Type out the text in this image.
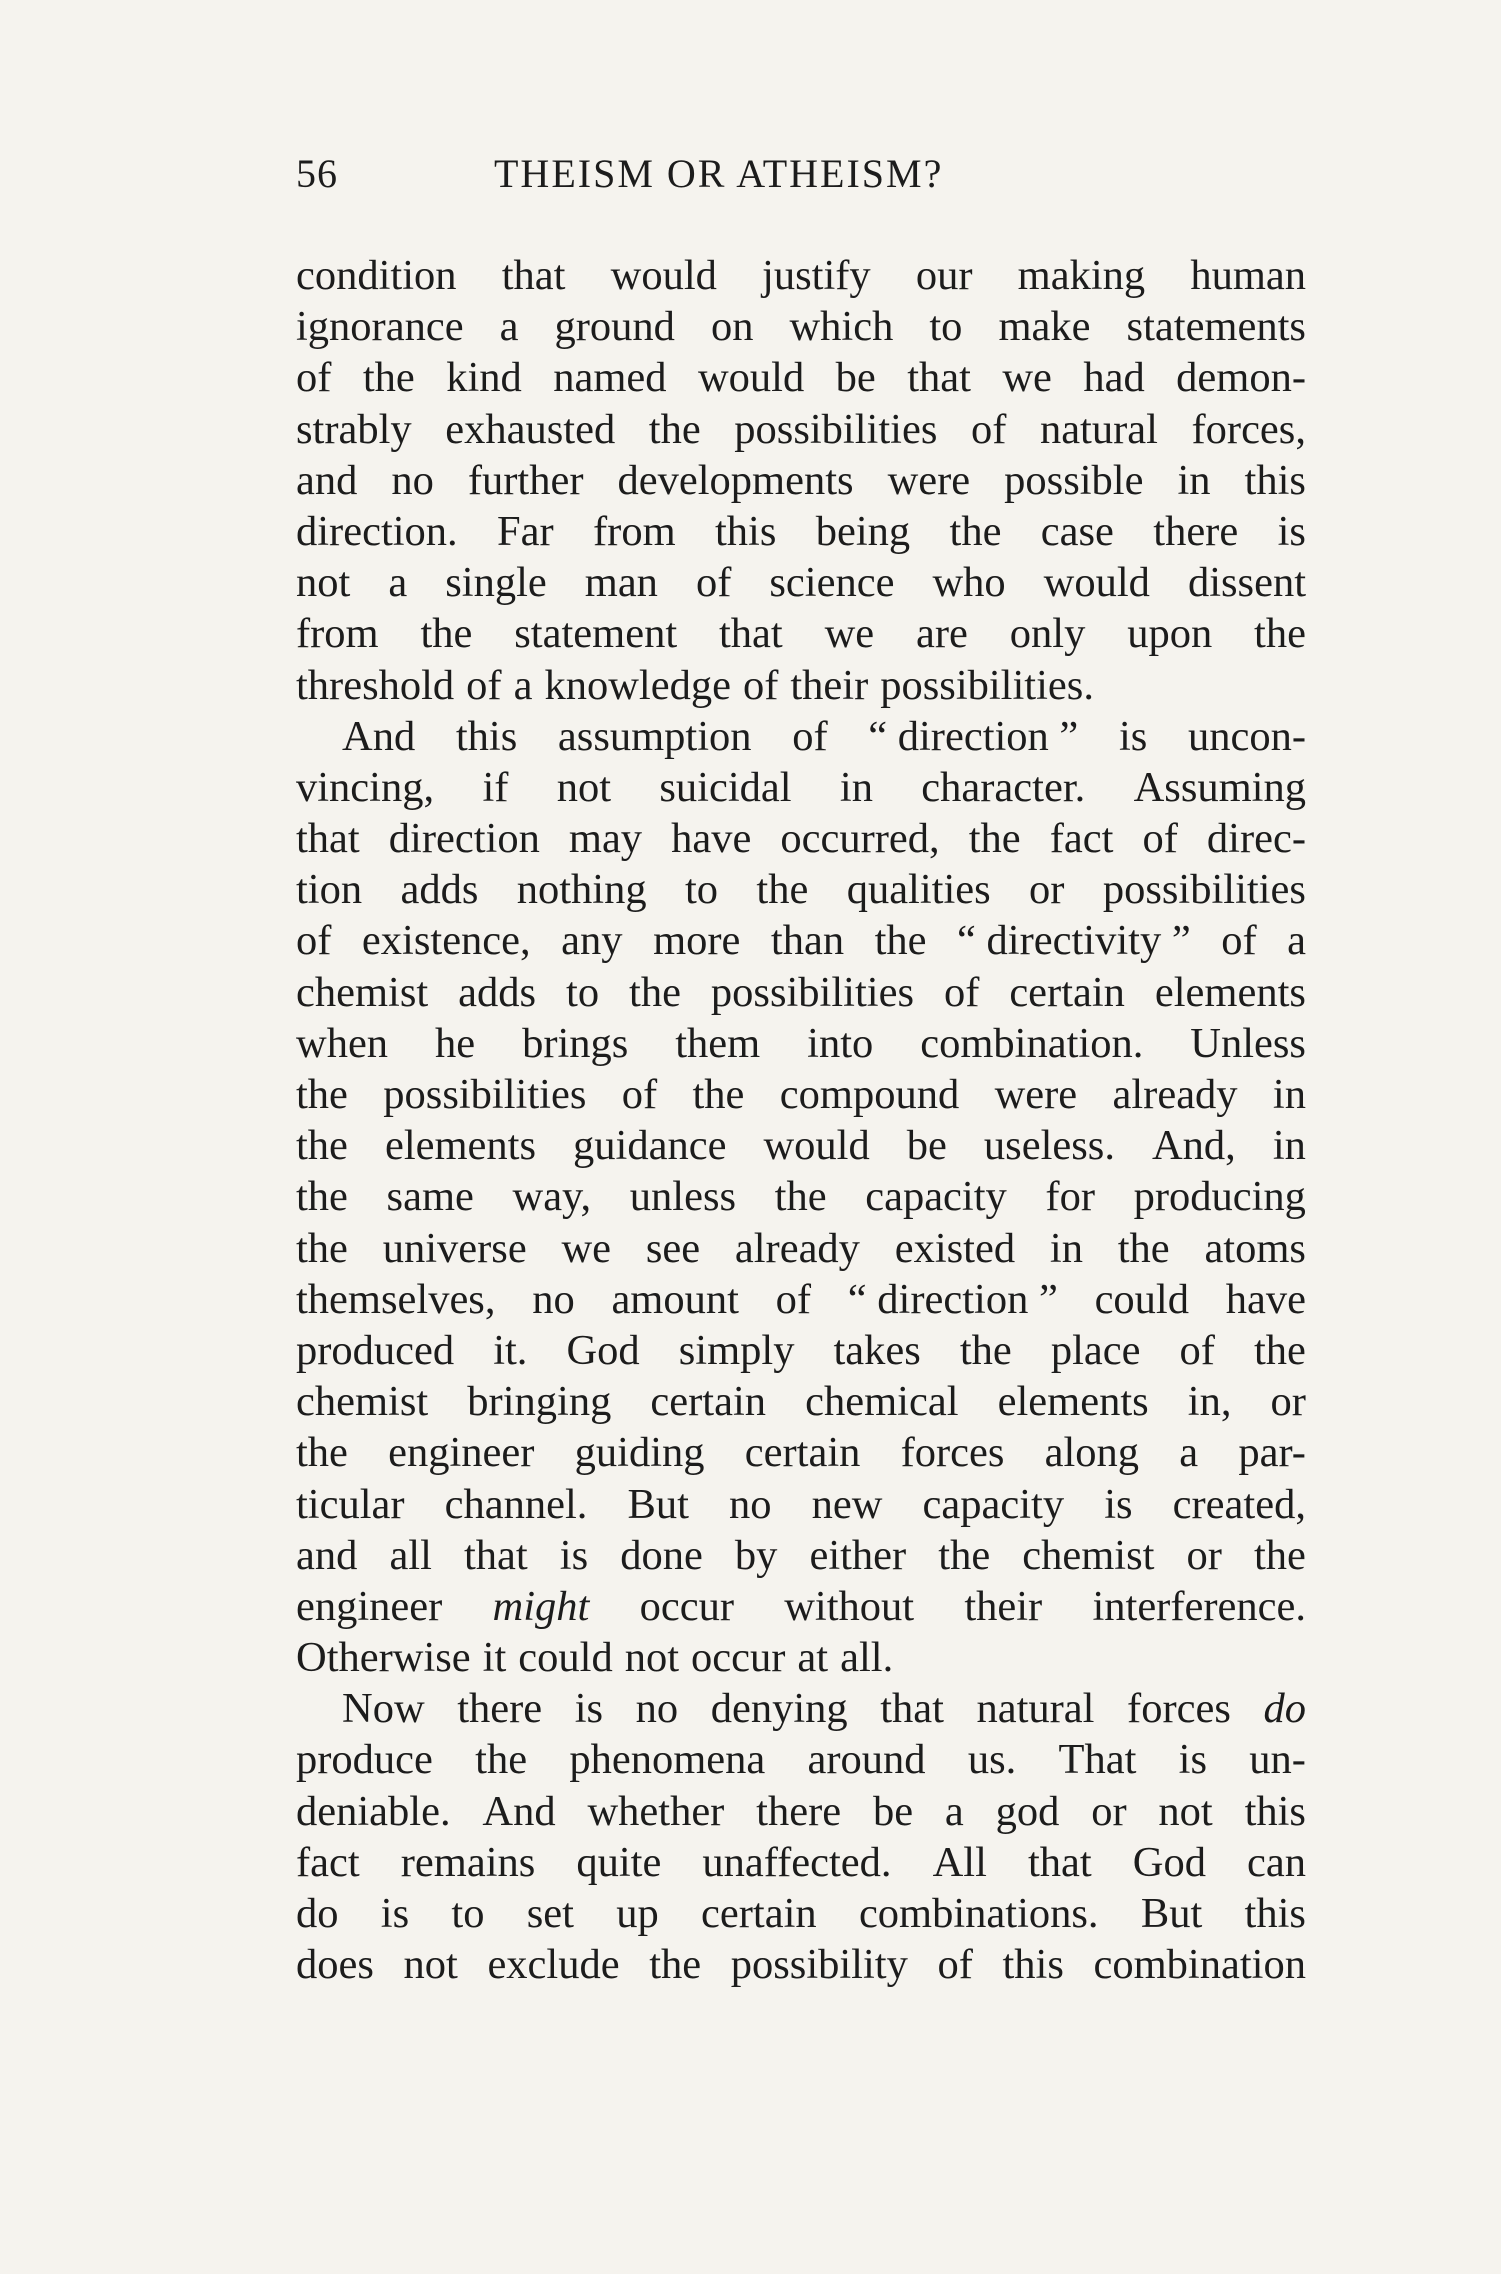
56	THEISM OR ATHEISM?
condition that would justify our making human
ignorance a ground on which to make statements
of the kind named would be that we had demon-
strably exhausted the possibilities of natural forces,
and no further developments were possible in this
direction. Far from this being the case there is
not a single man of science who would dissent
from the statement that we are only upon the
threshold of a knowledge of their possibilities.
And this assumption of “ direction ” is uncon-
vincing, if not suicidal in character. Assuming
that direction may have occurred, the fact of direc-
tion adds nothing to the qualities or possibilities
of existence, any more than the “ directivity ” of a
chemist adds to the possibilities of certain elements
when he brings them into combination. Unless
the possibilities of the compound were already in
the elements guidance would be useless. And, in
the same way, unless the capacity for producing
the universe we see already existed in the atoms
themselves, no amount of “ direction ” could have
produced it. God simply takes the place of the
chemist bringing certain chemical elements in, or
the engineer guiding certain forces along a par-
ticular channel. But no new capacity is created,
and all that is done by either the chemist or the
engineer might occur without their interference.
Otherwise it could not occur at all.
Now there is no denying that natural forces do
produce the phenomena around us. That is un-
deniable. And whether there be a god or not this
fact remains quite unaffected. All that God can
do is to set up certain combinations. But this
does not exclude the possibility of this combination
